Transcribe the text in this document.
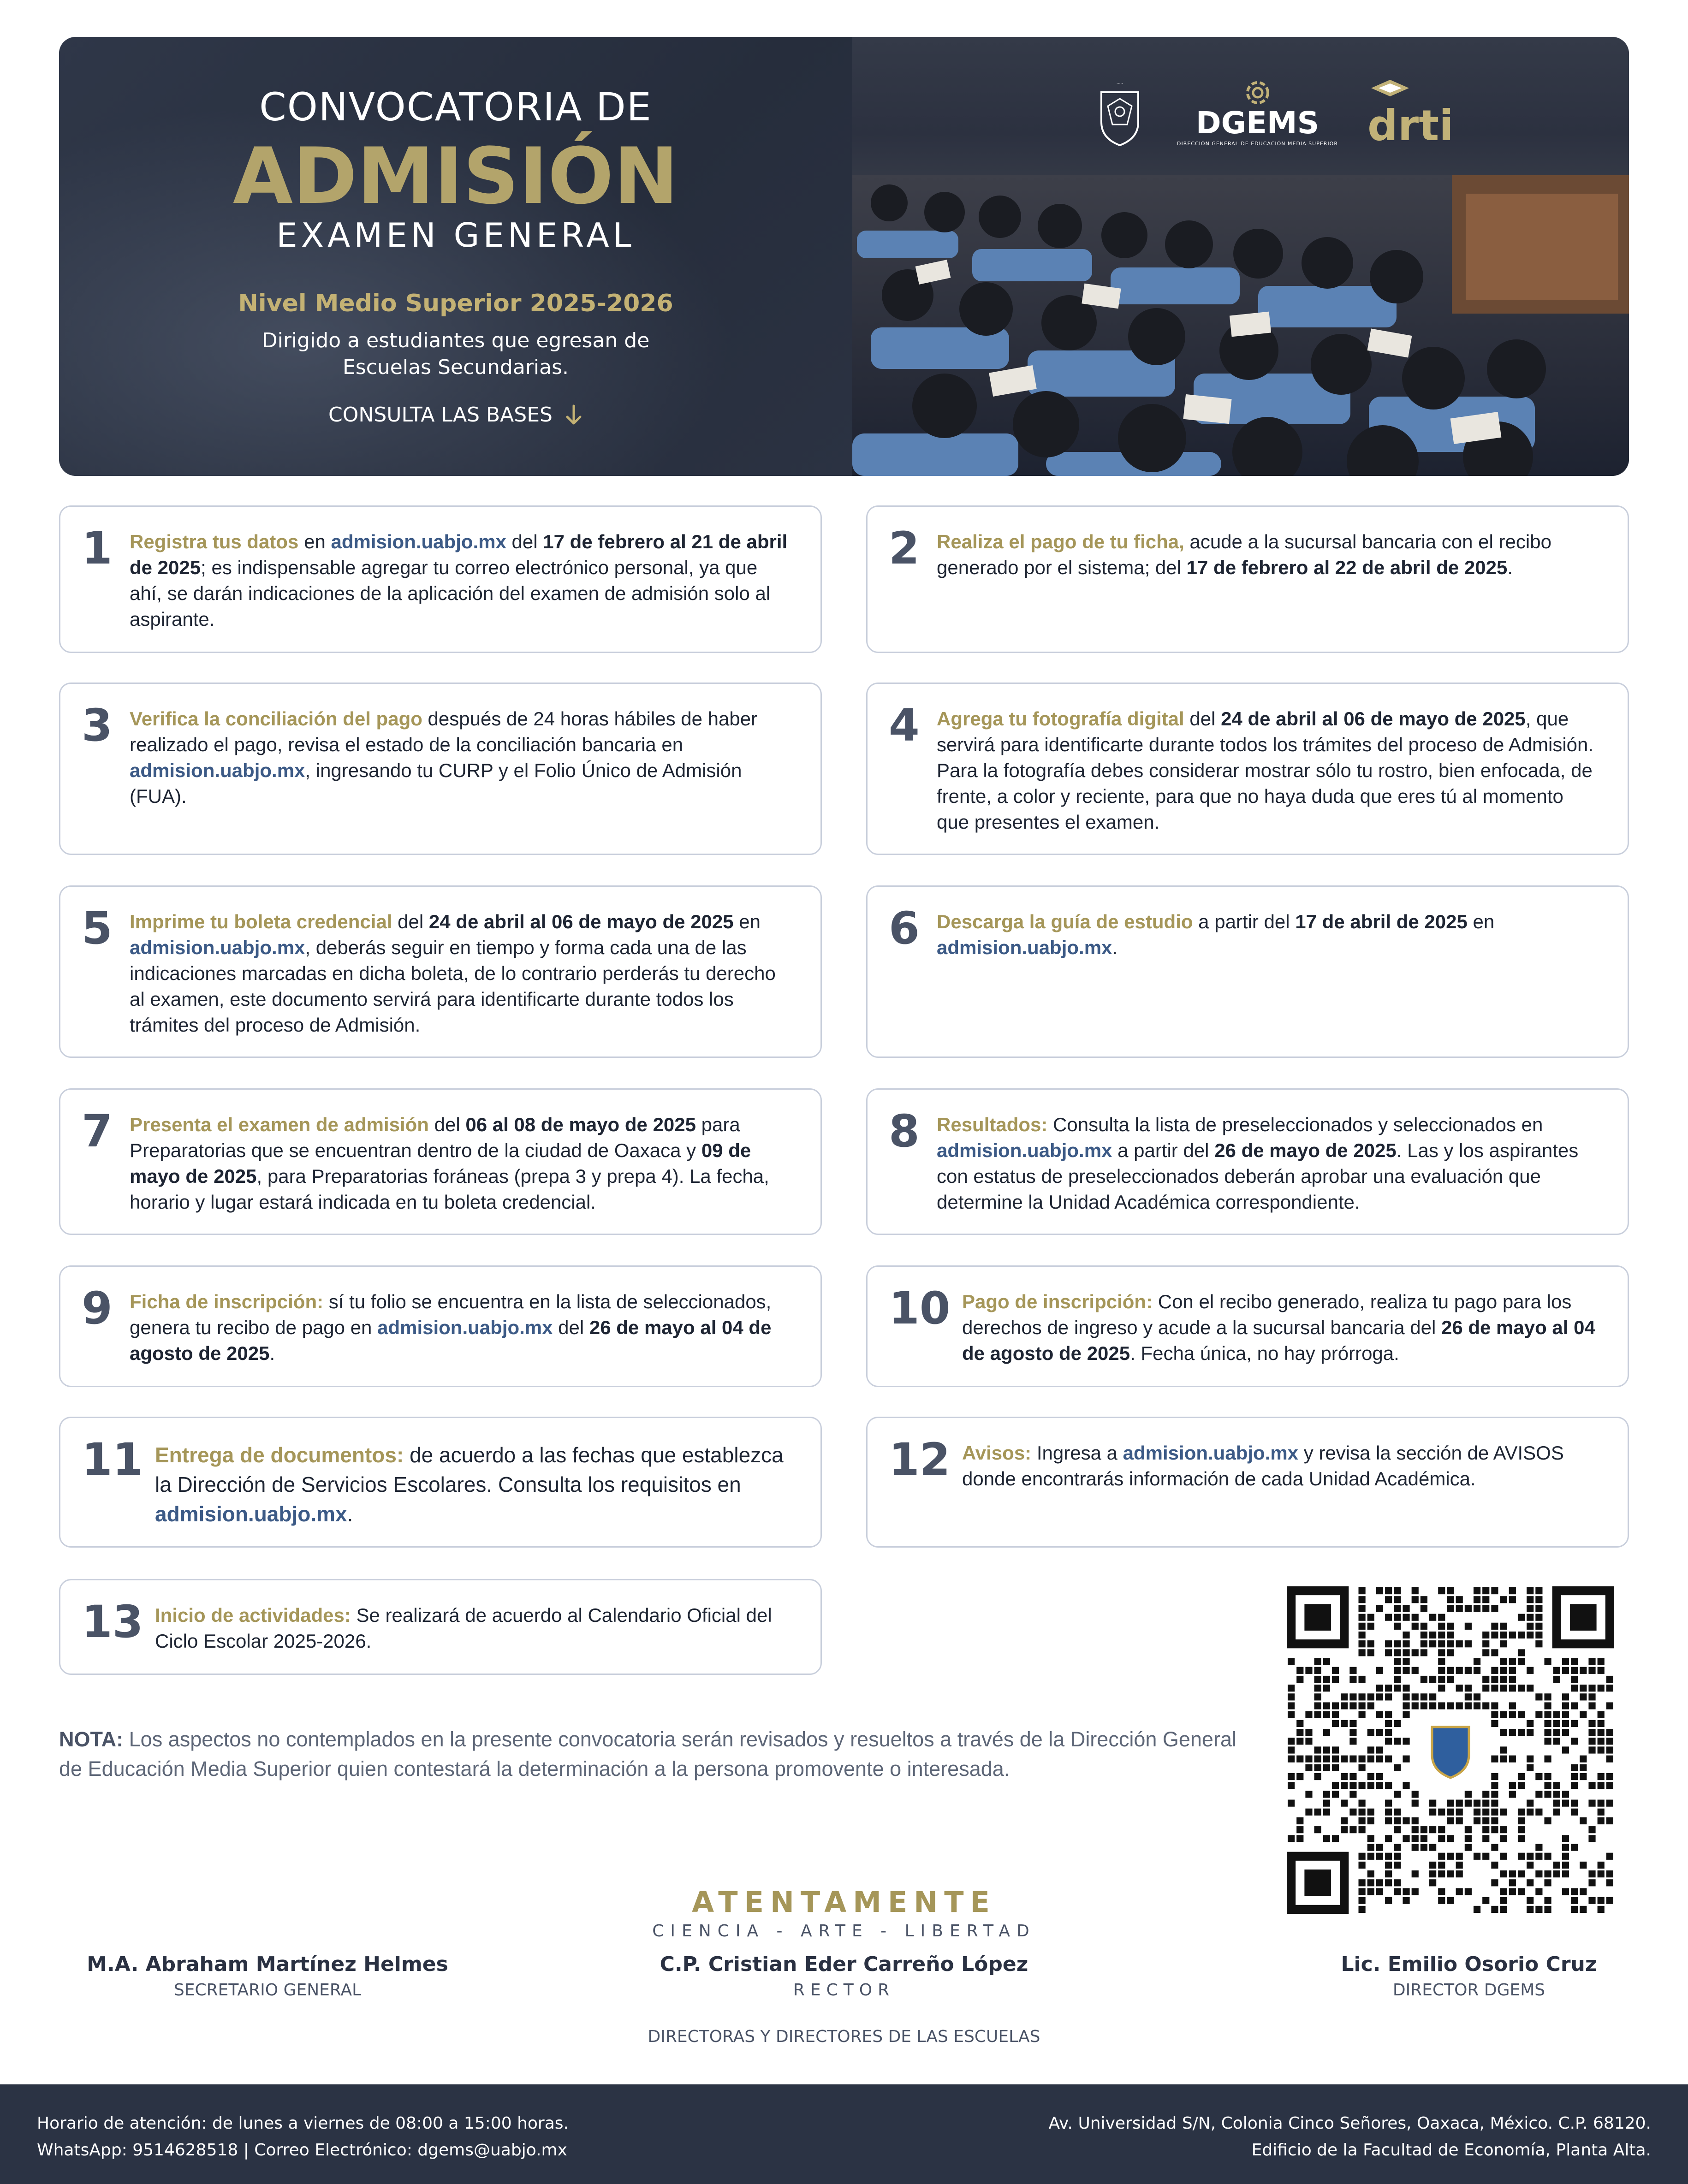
CONVOCATORIA DE
ADMISIÓN
EXAMEN GENERAL
Nivel Medio Superior 2025-2026
Dirigido a estudiantes que egresan de Escuelas Secundarias.
CONSULTA LAS BASES
·····
DGEMS
DIRECCIÓN GENERAL DE EDUCACIÓN MEDIA SUPERIOR drti
1 Registra tus datos en admision.uabjo.mx del 17 de febrero al 21 de abril de 2025; es indispensable agregar tu correo electrónico personal, ya que ahí, se darán indicaciones de la aplicación del examen de admisión solo al aspirante.
2 Realiza el pago de tu ficha, acude a la sucursal bancaria con el recibo generado por el sistema; del 17 de febrero al 22 de abril de 2025.
3 Verifica la conciliación del pago después de 24 horas hábiles de haber realizado el pago, revisa el estado de la conciliación bancaria en admision.uabjo.mx, ingresando tu CURP y el Folio Único de Admisión (FUA).
4 Agrega tu fotografía digital del 24 de abril al 06 de mayo de 2025, que servirá para identificarte durante todos los trámites del proceso de Admisión. Para la fotografía debes considerar mostrar sólo tu rostro, bien enfocada, de frente, a color y reciente, para que no haya duda que eres tú al momento que presentes el examen.
5 Imprime tu boleta credencial del 24 de abril al 06 de mayo de 2025 en admision.uabjo.mx, deberás seguir en tiempo y forma cada una de las indicaciones marcadas en dicha boleta, de lo contrario perderás tu derecho al examen, este documento servirá para identificarte durante todos los trámites del proceso de Admisión.
6 Descarga la guía de estudio a partir del 17 de abril de 2025 en admision.uabjo.mx.
7 Presenta el examen de admisión del 06 al 08 de mayo de 2025 para Preparatorias que se encuentran dentro de la ciudad de Oaxaca y 09 de mayo de 2025, para Preparatorias foráneas (prepa 3 y prepa 4). La fecha, horario y lugar estará indicada en tu boleta credencial.
8 Resultados: Consulta la lista de preseleccionados y seleccionados en admision.uabjo.mx a partir del 26 de mayo de 2025. Las y los aspirantes con estatus de preseleccionados deberán aprobar una evaluación que determine la Unidad Académica correspondiente.
9 Ficha de inscripción: sí tu folio se encuentra en la lista de seleccionados, genera tu recibo de pago en admision.uabjo.mx del 26 de mayo al 04 de agosto de 2025.
10 Pago de inscripción: Con el recibo generado, realiza tu pago para los derechos de ingreso y acude a la sucursal bancaria del 26 de mayo al 04 de agosto de 2025. Fecha única, no hay prórroga.
11 Entrega de documentos: de acuerdo a las fechas que establezca la Dirección de Servicios Escolares. Consulta los requisitos en admision.uabjo.mx.
12 Avisos: Ingresa a admision.uabjo.mx y revisa la sección de AVISOS donde encontrarás información de cada Unidad Académica.
13 Inicio de actividades: Se realizará de acuerdo al Calendario Oficial del Ciclo Escolar 2025-2026.
NOTA: Los aspectos no contemplados en la presente convocatoria serán revisados y resueltos a través de la Dirección General de Educación Media Superior quien contestará la determinación a la persona promovente o interesada.
ATENTAMENTE
CIENCIA - ARTE - LIBERTAD
M.A. Abraham Martínez Helmes
SECRETARIO GENERAL
C.P. Cristian Eder Carreño López
RECTOR
Lic. Emilio Osorio Cruz
DIRECTOR DGEMS
DIRECTORAS Y DIRECTORES DE LAS ESCUELAS
Horario de atención: de lunes a viernes de 08:00 a 15:00 horas.
WhatsApp: 9514628518 | Correo Electrónico: dgems@uabjo.mx
Av. Universidad S/N, Colonia Cinco Señores, Oaxaca, México. C.P. 68120.
Edificio de la Facultad de Economía, Planta Alta.
